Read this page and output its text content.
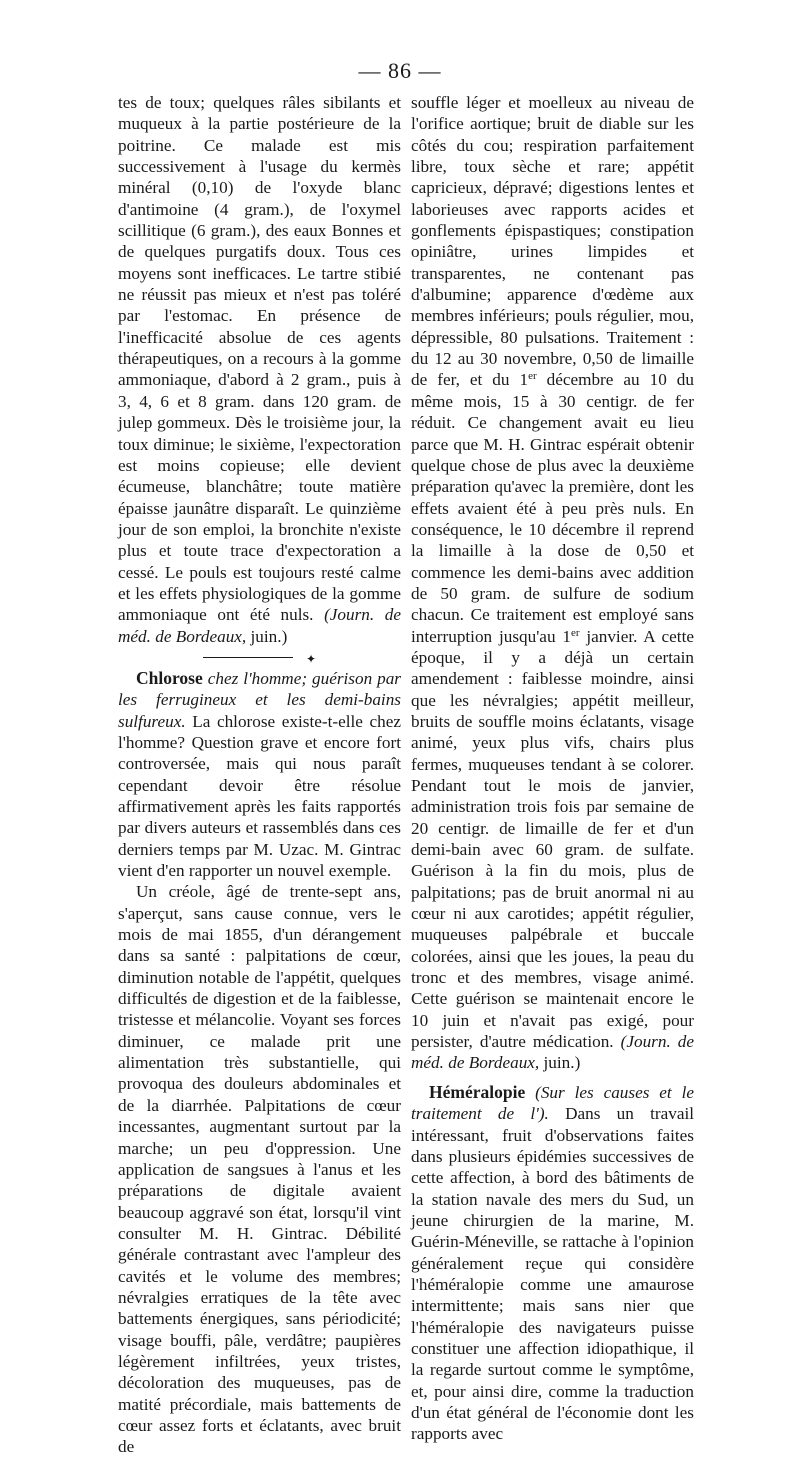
— 86 —

tes de toux; quelques râles sibilants et muqueux à la partie postérieure de la poitrine. Ce malade est mis successivement à l'usage du kermès minéral (0,10) de l'oxyde blanc d'antimoine (4 gram.), de l'oxymel scillitique (6 gram.), des eaux Bonnes et de quelques purgatifs doux. Tous ces moyens sont inefficaces. Le tartre stibié ne réussit pas mieux et n'est pas toléré par l'estomac. En présence de l'inefficacité absolue de ces agents thérapeutiques, on a recours à la gomme ammoniaque, d'abord à 2 gram., puis à 3, 4, 6 et 8 gram. dans 120 gram. de julep gommeux. Dès le troisième jour, la toux diminue; le sixième, l'expectoration est moins copieuse; elle devient écumeuse, blanchâtre; toute matière épaisse jaunâtre disparaît. Le quinzième jour de son emploi, la bronchite n'existe plus et toute trace d'expectoration a cessé. Le pouls est toujours resté calme et les effets physiologiques de la gomme ammoniaque ont été nuls. (Journ. de méd. de Bordeaux, juin.)

✦

Chlorose chez l'homme; guérison par les ferrugineux et les demi-bains sulfureux. La chlorose existe-t-elle chez l'homme? Question grave et encore fort controversée, mais qui nous paraît cependant devoir être résolue affirmativement après les faits rapportés par divers auteurs et rassemblés dans ces derniers temps par M. Uzac. M. Gintrac vient d'en rapporter un nouvel exemple.

Un créole, âgé de trente-sept ans, s'aperçut, sans cause connue, vers le mois de mai 1855, d'un dérangement dans sa santé : palpitations de cœur, diminution notable de l'appétit, quelques difficultés de digestion et de la faiblesse, tristesse et mélancolie. Voyant ses forces diminuer, ce malade prit une alimentation très substantielle, qui provoqua des douleurs abdominales et de la diarrhée. Palpitations de cœur incessantes, augmentant surtout par la marche; un peu d'oppression. Une application de sangsues à l'anus et les préparations de digitale avaient beaucoup aggravé son état, lorsqu'il vint consulter M. H. Gintrac. Débilité générale contrastant avec l'ampleur des cavités et le volume des membres; névralgies erratiques de la tête avec battements énergiques, sans périodicité; visage bouffi, pâle, verdâtre; paupières légèrement infiltrées, yeux tristes, décoloration des muqueuses, pas de matité précordiale, mais battements de cœur assez forts et éclatants, avec bruit de

souffle léger et moelleux au niveau de l'orifice aortique; bruit de diable sur les côtés du cou; respiration parfaitement libre, toux sèche et rare; appétit capricieux, dépravé; digestions lentes et laborieuses avec rapports acides et gonflements épispastiques; constipation opiniâtre, urines limpides et transparentes, ne contenant pas d'albumine; apparence d'œdème aux membres inférieurs; pouls régulier, mou, dépressible, 80 pulsations. Traitement : du 12 au 30 novembre, 0,50 de limaille de fer, et du 1er décembre au 10 du même mois, 15 à 30 centigr. de fer réduit. Ce changement avait eu lieu parce que M. H. Gintrac espérait obtenir quelque chose de plus avec la deuxième préparation qu'avec la première, dont les effets avaient été à peu près nuls. En conséquence, le 10 décembre il reprend la limaille à la dose de 0,50 et commence les demi-bains avec addition de 50 gram. de sulfure de sodium chacun. Ce traitement est employé sans interruption jusqu'au 1er janvier. A cette époque, il y a déjà un certain amendement : faiblesse moindre, ainsi que les névralgies; appétit meilleur, bruits de souffle moins éclatants, visage animé, yeux plus vifs, chairs plus fermes, muqueuses tendant à se colorer. Pendant tout le mois de janvier, administration trois fois par semaine de 20 centigr. de limaille de fer et d'un demi-bain avec 60 gram. de sulfate. Guérison à la fin du mois, plus de palpitations; pas de bruit anormal ni au cœur ni aux carotides; appétit régulier, muqueuses palpébrale et buccale colorées, ainsi que les joues, la peau du tronc et des membres, visage animé. Cette guérison se maintenait encore le 10 juin et n'avait pas exigé, pour persister, d'autre médication. (Journ. de méd. de Bordeaux, juin.)

Héméralopie (Sur les causes et le traitement de l'). Dans un travail intéressant, fruit d'observations faites dans plusieurs épidémies successives de cette affection, à bord des bâtiments de la station navale des mers du Sud, un jeune chirurgien de la marine, M. Guérin-Méneville, se rattache à l'opinion généralement reçue qui considère l'héméralopie comme une amaurose intermittente; mais sans nier que l'héméralopie des navigateurs puisse constituer une affection idiopathique, il la regarde surtout comme le symptôme, et, pour ainsi dire, comme la traduction d'un état général de l'économie dont les rapports avec
